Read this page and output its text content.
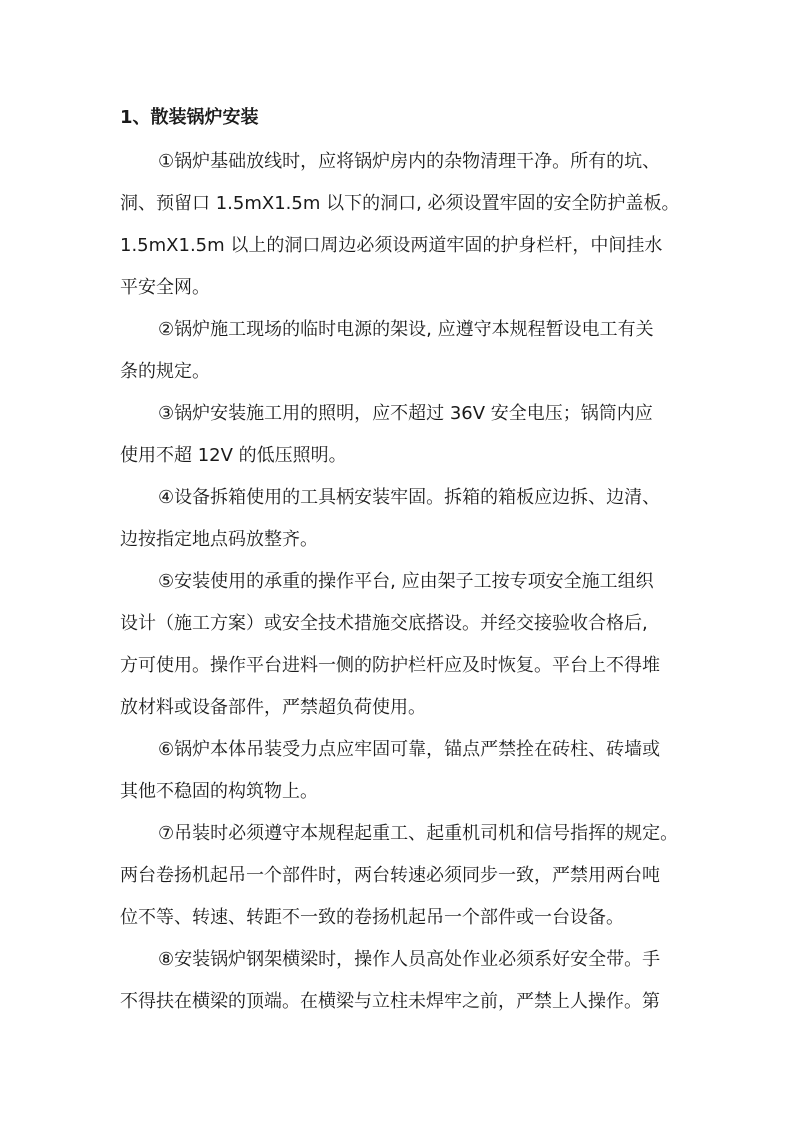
1、散装锅炉安装
①锅炉基础放线时，应将锅炉房内的杂物清理干净。所有的坑、
洞、预留口 1.5mX1.5m 以下的洞口, 必须设置牢固的安全防护盖板。
1.5mX1.5m 以上的洞口周边必须设两道牢固的护身栏杆，中间挂水
平安全网。
②锅炉施工现场的临时电源的架设, 应遵守本规程暂设电工有关
条的规定。
③锅炉安装施工用的照明，应不超过 36V 安全电压；锅筒内应
使用不超 12V 的低压照明。
④设备拆箱使用的工具柄安装牢固。拆箱的箱板应边拆、边清、
边按指定地点码放整齐。
⑤安装使用的承重的操作平台, 应由架子工按专项安全施工组织
设计（施工方案）或安全技术措施交底搭设。并经交接验收合格后,
方可使用。操作平台进料一侧的防护栏杆应及时恢复。平台上不得堆
放材料或设备部件，严禁超负荷使用。
⑥锅炉本体吊装受力点应牢固可靠，锚点严禁拴在砖柱、砖墙或
其他不稳固的构筑物上。
⑦吊装时必须遵守本规程起重工、起重机司机和信号指挥的规定。
两台卷扬机起吊一个部件时，两台转速必须同步一致，严禁用两台吨
位不等、转速、转距不一致的卷扬机起吊一个部件或一台设备。
⑧安装锅炉钢架横梁时，操作人员高处作业必须系好安全带。手
不得扶在横梁的顶端。在横梁与立柱未焊牢之前，严禁上人操作。第
